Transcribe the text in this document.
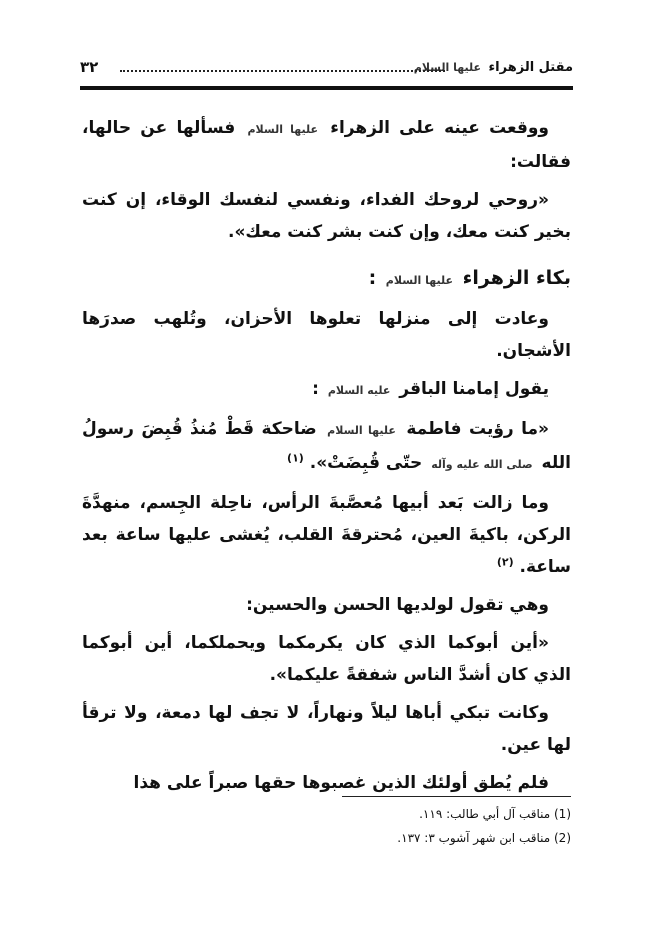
مقتل الزهراء عليها السلام
٣٢

ووقعت عينه على الزهراء عليها السلام فسألها عن حالها، فقالت:

«روحي لروحك الفداء، ونفسي لنفسك الوقاء، إن كنت بخير كنت معك، وإن كنت بشر كنت معك».

بكاء الزهراء عليها السلام :

وعادت إلى منزلها تعلوها الأحزان، وتُلهب صدرَها الأشجان.

يقول إمامنا الباقر عليه السلام :

«ما رؤيت فاطمة عليها السلام ضاحكة قَطْ مُنذُ قُبِضَ رسولُ الله صلى الله عليه وآله حتّى قُبِضَتْ». $^{(١)}$

وما زالت بَعد أبيها مُعصَّبةَ الرأس، ناحِلة الجِسم، منهدَّةَ الركن، باكيةَ العين، مُحترقةَ القلب، يُغشى عليها ساعة بعد ساعة. $^{(٢)}$

وهي تقول لولديها الحسن والحسين:

«أين أبوكما الذي كان يكرمكما ويحملكما، أين أبوكما الذي كان أشدَّ الناس شفقةً عليكما».

وكانت تبكي أباها ليلاً ونهاراً، لا تجف لها دمعة، ولا ترقأ لها عين.

فلم يُطق أولئك الذين غصبوها حقها صبراً على هذا

(1) مناقب آل أبي طالب: ١١٩.
(2) مناقب ابن شهر آشوب ٣: ١٣٧.
